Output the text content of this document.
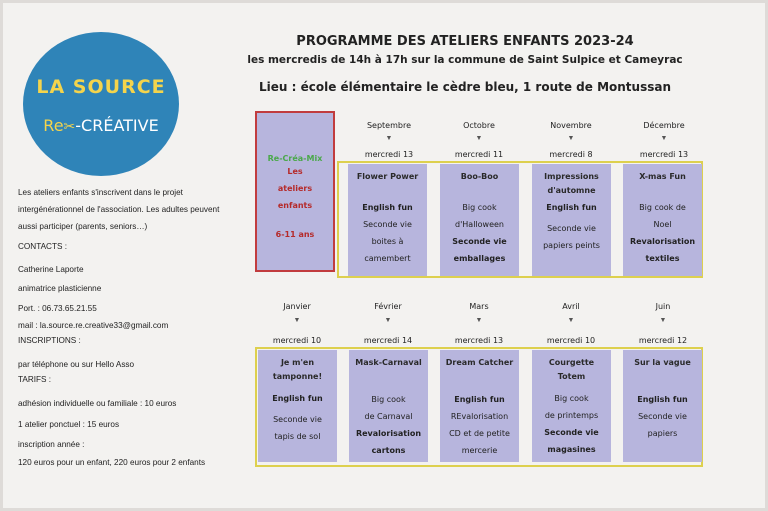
LA SOURCE
Re✂-CRÉATIVE
PROGRAMME DES ATELIERS ENFANTS 2023-24
les mercredis de 14h à 17h sur la commune de Saint Sulpice et Cameyrac
Lieu : école élémentaire le cèdre bleu, 1 route de Montussan
Les ateliers enfants s'inscrivent dans le projet intergénérationnel de l'association. Les adultes peuvent aussi participer (parents, seniors…)
CONTACTS :
Catherine Laporte
animatrice plasticienne
Port. : 06.73.65.21.55
mail : la.source.re.creative33@gmail.com
INSCRIPTIONS :
par téléphone ou sur Hello Asso
TARIFS :
adhésion individuelle ou familiale : 10 euros
1 atelier ponctuel : 15 euros
inscription année :
120 euros pour un enfant, 220 euros pour 2 enfants
Re-Créa-Mix
Les
ateliers
enfants
6-11 ans
Septembre
▼
mercredi 13
Flower Power
English fun
Seconde vie
boites à
camembert
Octobre
▼
mercredi 11
Boo-Boo
Big cook
d'Halloween
Seconde vie
emballages
Novembre
▼
mercredi 8
Impressions d'automne
English fun
Seconde vie
papiers peints
Décembre
▼
mercredi 13
X-mas Fun
Big cook de
Noel
Revalorisation
textiles
Janvier
▼
mercredi 10
Je m'en tamponne!
English fun
Seconde vie
tapis de sol
Février
▼
mercredi 14
Mask-Carnaval
Big cook
de Carnaval
Revalorisation
cartons
Mars
▼
mercredi 13
Dream Catcher
English fun
REvalorisation
CD et de petite
mercerie
Avril
▼
mercredi 10
Courgette Totem
Big cook
de printemps
Seconde vie
magasines
Juin
▼
mercredi 12
Sur la vague
English fun
Seconde vie
papiers
